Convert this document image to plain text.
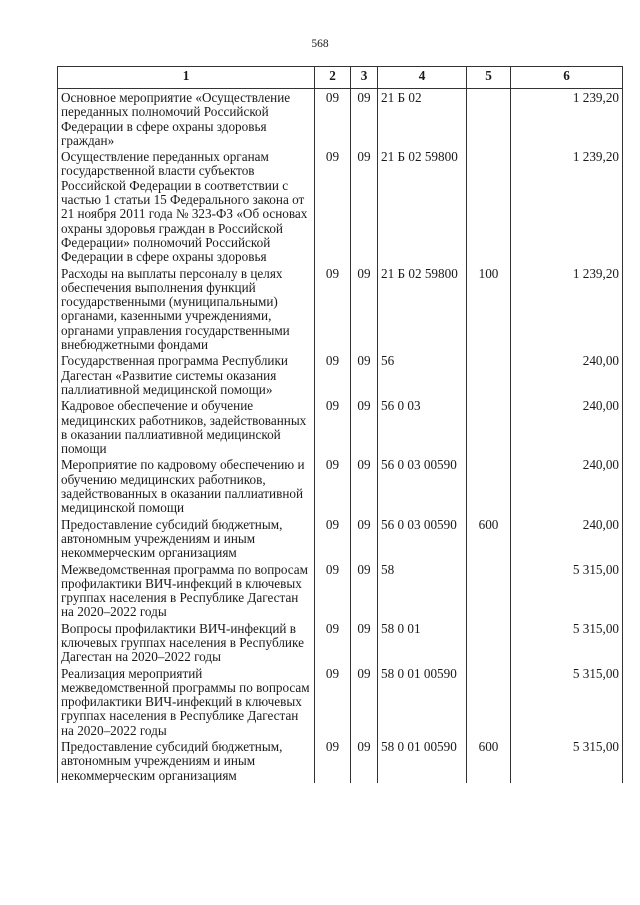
568
1	2	3	4	5	6
Основное мероприятие «Осуществление переданных полномочий Российской Федерации в сфере охраны здоровья граждан»	09	09	21 Б 02		1 239,20
Осуществление переданных органам государственной власти субъектов Российской Федерации в соответствии с частью 1 статьи 15 Федерального закона от 21 ноября 2011 года № 323-ФЗ «Об основах охраны здоровья граждан в Российской Федерации» полномочий Российской Федерации в сфере охраны здоровья	09	09	21 Б 02 59800		1 239,20
Расходы на выплаты персоналу в целях обеспечения выполнения функций государственными (муниципальными) органами, казенными учреждениями, органами управления государственными внебюджетными фондами	09	09	21 Б 02 59800	100	1 239,20
Государственная программа Республики Дагестан «Развитие системы оказания паллиативной медицинской помощи»	09	09	56		240,00
Кадровое обеспечение и обучение медицинских работников, задействованных в оказании паллиативной медицинской помощи	09	09	56 0 03		240,00
Мероприятие по кадровому обеспечению и обучению медицинских работников, задействованных в оказании паллиативной медицинской помощи	09	09	56 0 03 00590		240,00
Предоставление субсидий бюджетным, автономным учреждениям и иным некоммерческим организациям	09	09	56 0 03 00590	600	240,00
Межведомственная программа по вопросам профилактики ВИЧ-инфекций в ключевых группах населения в Республике Дагестан на 2020–2022 годы	09	09	58		5 315,00
Вопросы профилактики ВИЧ-инфекций в ключевых группах населения в Республике Дагестан на 2020–2022 годы	09	09	58 0 01		5 315,00
Реализация мероприятий межведомственной программы по вопросам профилактики ВИЧ-инфекций в ключевых группах населения в Республике Дагестан на 2020–2022 годы	09	09	58 0 01 00590		5 315,00
Предоставление субсидий бюджетным, автономным учреждениям и иным некоммерческим организациям	09	09	58 0 01 00590	600	5 315,00
